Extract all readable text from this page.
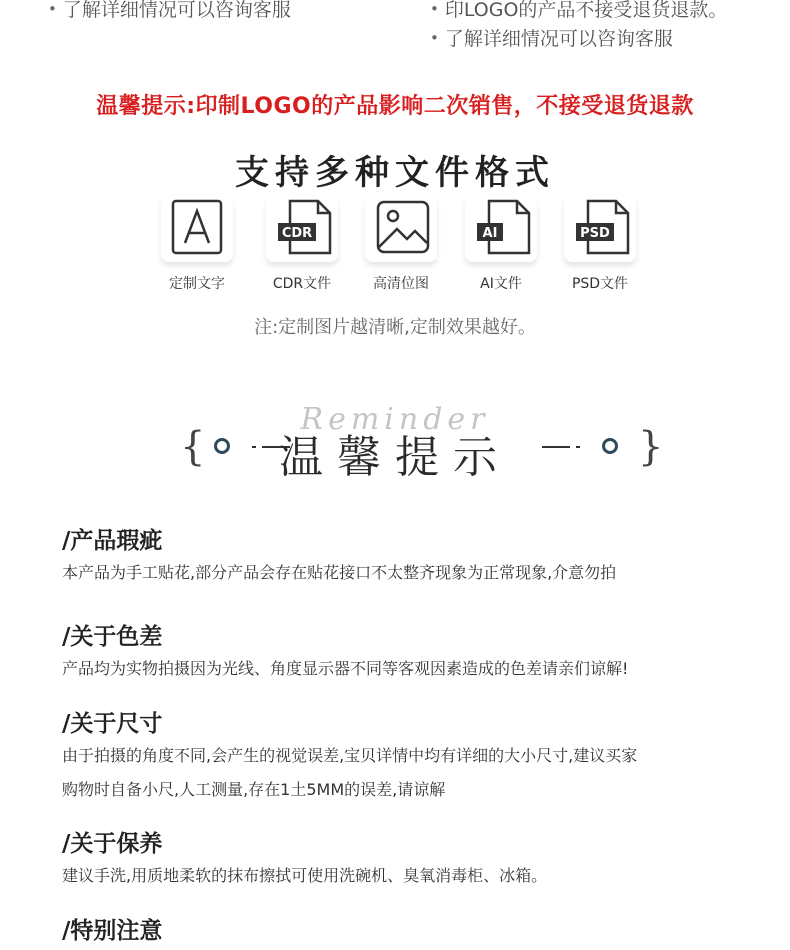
• 了解详细情况可以咨询客服	• 印LOGO的产品不接受退货退款。
• 了解详细情况可以咨询客服
温馨提示:印制LOGO的产品影响二次销售，不接受退货退款
支持多种文件格式
定制文字
CDR
CDR文件	高清位图
AI
AI文件
PSD
PSD文件
注:定制图片越清晰,定制效果越好。
Reminder
{	温馨提示	}
/产品瑕疵

本产品为手工贴花,部分产品会存在贴花接口不太整齐现象为正常现象,介意勿拍

/关于色差

产品均为实物拍摄因为光线、角度显示器不同等客观因素造成的色差请亲们谅解!

/关于尺寸

由于拍摄的角度不同,会产生的视觉误差,宝贝详情中均有详细的大小尺寸,建议买家

购物时自备小尺,人工测量,存在1土5MM的误差,请谅解

/关于保养

建议手洗,用质地柔软的抹布擦拭可使用洗碗机、臭氧消毒柜、冰箱。

/特别注意
